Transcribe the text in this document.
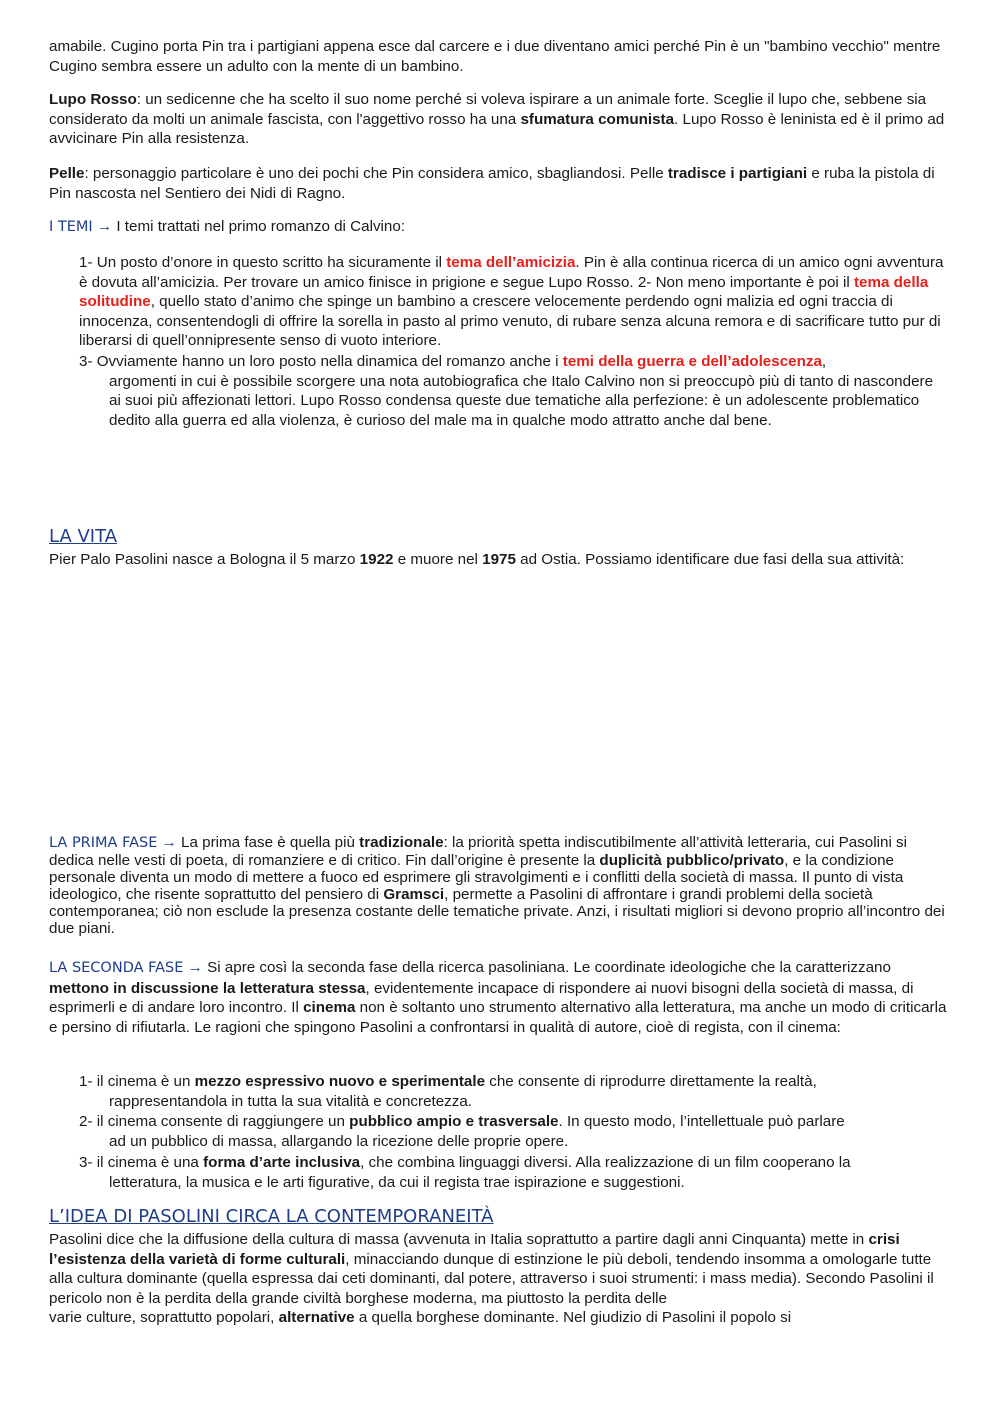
amabile. Cugino porta Pin tra i partigiani appena esce dal carcere e i due diventano amici perché Pin è un "bambino vecchio" mentre Cugino sembra essere un adulto con la mente di un bambino.

Lupo Rosso: un sedicenne che ha scelto il suo nome perché si voleva ispirare a un animale forte. Sceglie il lupo che, sebbene sia considerato da molti un animale fascista, con l'aggettivo rosso ha una sfumatura comunista. Lupo Rosso è leninista ed è il primo ad avvicinare Pin alla resistenza.

Pelle: personaggio particolare è uno dei pochi che Pin considera amico, sbagliandosi. Pelle tradisce i partigiani e ruba la pistola di Pin nascosta nel Sentiero dei Nidi di Ragno.

I TEMI → I temi trattati nel primo romanzo di Calvino:

1- Un posto d’onore in questo scritto ha sicuramente il tema dell’amicizia. Pin è alla continua ricerca di un amico ogni avventura è dovuta all’amicizia. Per trovare un amico finisce in prigione e segue Lupo Rosso. 2- Non meno importante è poi il tema della solitudine, quello stato d’animo che spinge un bambino a crescere velocemente perdendo ogni malizia ed ogni traccia di innocenza, consentendogli di offrire la sorella in pasto al primo venuto, di rubare senza alcuna remora e di sacrificare tutto pur di liberarsi di quell’onnipresente senso di vuoto interiore.

3- Ovviamente hanno un loro posto nella dinamica del romanzo anche i temi della guerra e dell’adolescenza,
argomenti in cui è possibile scorgere una nota autobiografica che Italo Calvino non si preoccupò più di tanto di nascondere ai suoi più affezionati lettori. Lupo Rosso condensa queste due tematiche alla perfezione: è un adolescente problematico dedito alla guerra ed alla violenza, è curioso del male ma in qualche modo attratto anche dal bene.

LA VITA

Pier Palo Pasolini nasce a Bologna il 5 marzo 1922 e muore nel 1975 ad Ostia. Possiamo identificare due fasi della sua attività:

LA PRIMA FASE → La prima fase è quella più tradizionale: la priorità spetta indiscutibilmente all’attività letteraria, cui Pasolini si dedica nelle vesti di poeta, di romanziere e di critico. Fin dall’origine è presente la duplicità pubblico/privato, e la condizione personale diventa un modo di mettere a fuoco ed esprimere gli stravolgimenti e i conflitti della società di massa. Il punto di vista ideologico, che risente soprattutto del pensiero di Gramsci, permette a Pasolini di affrontare i grandi problemi della società contemporanea; ciò non esclude la presenza costante delle tematiche private. Anzi, i risultati migliori si devono proprio all’incontro dei due piani.

LA SECONDA FASE → Si apre così la seconda fase della ricerca pasoliniana. Le coordinate ideologiche che la caratterizzano mettono in discussione la letteratura stessa, evidentemente incapace di rispondere ai nuovi bisogni della società di massa, di esprimerli e di andare loro incontro. Il cinema non è soltanto uno strumento alternativo alla letteratura, ma anche un modo di criticarla e persino di rifiutarla. Le ragioni che spingono Pasolini a confrontarsi in qualità di autore, cioè di regista, con il cinema:

1- il cinema è un mezzo espressivo nuovo e sperimentale che consente di riprodurre direttamente la realtà,
rappresentandola in tutta la sua vitalità e concretezza.

2- il cinema consente di raggiungere un pubblico ampio e trasversale. In questo modo, l’intellettuale può parlare
ad un pubblico di massa, allargando la ricezione delle proprie opere.

3- il cinema è una forma d’arte inclusiva, che combina linguaggi diversi. Alla realizzazione di un film cooperano la
letteratura, la musica e le arti figurative, da cui il regista trae ispirazione e suggestioni.

L’IDEA DI PASOLINI CIRCA LA CONTEMPORANEITÀ

Pasolini dice che la diffusione della cultura di massa (avvenuta in Italia soprattutto a partire dagli anni Cinquanta) mette in crisi l’esistenza della varietà di forme culturali, minacciando dunque di estinzione le più deboli, tendendo insomma a omologarle tutte alla cultura dominante (quella espressa dai ceti dominanti, dal potere, attraverso i suoi strumenti: i mass media). Secondo Pasolini il pericolo non è la perdita della grande civiltà borghese moderna, ma piuttosto la perdita delle
varie culture, soprattutto popolari, alternative a quella borghese dominante. Nel giudizio di Pasolini il popolo si
